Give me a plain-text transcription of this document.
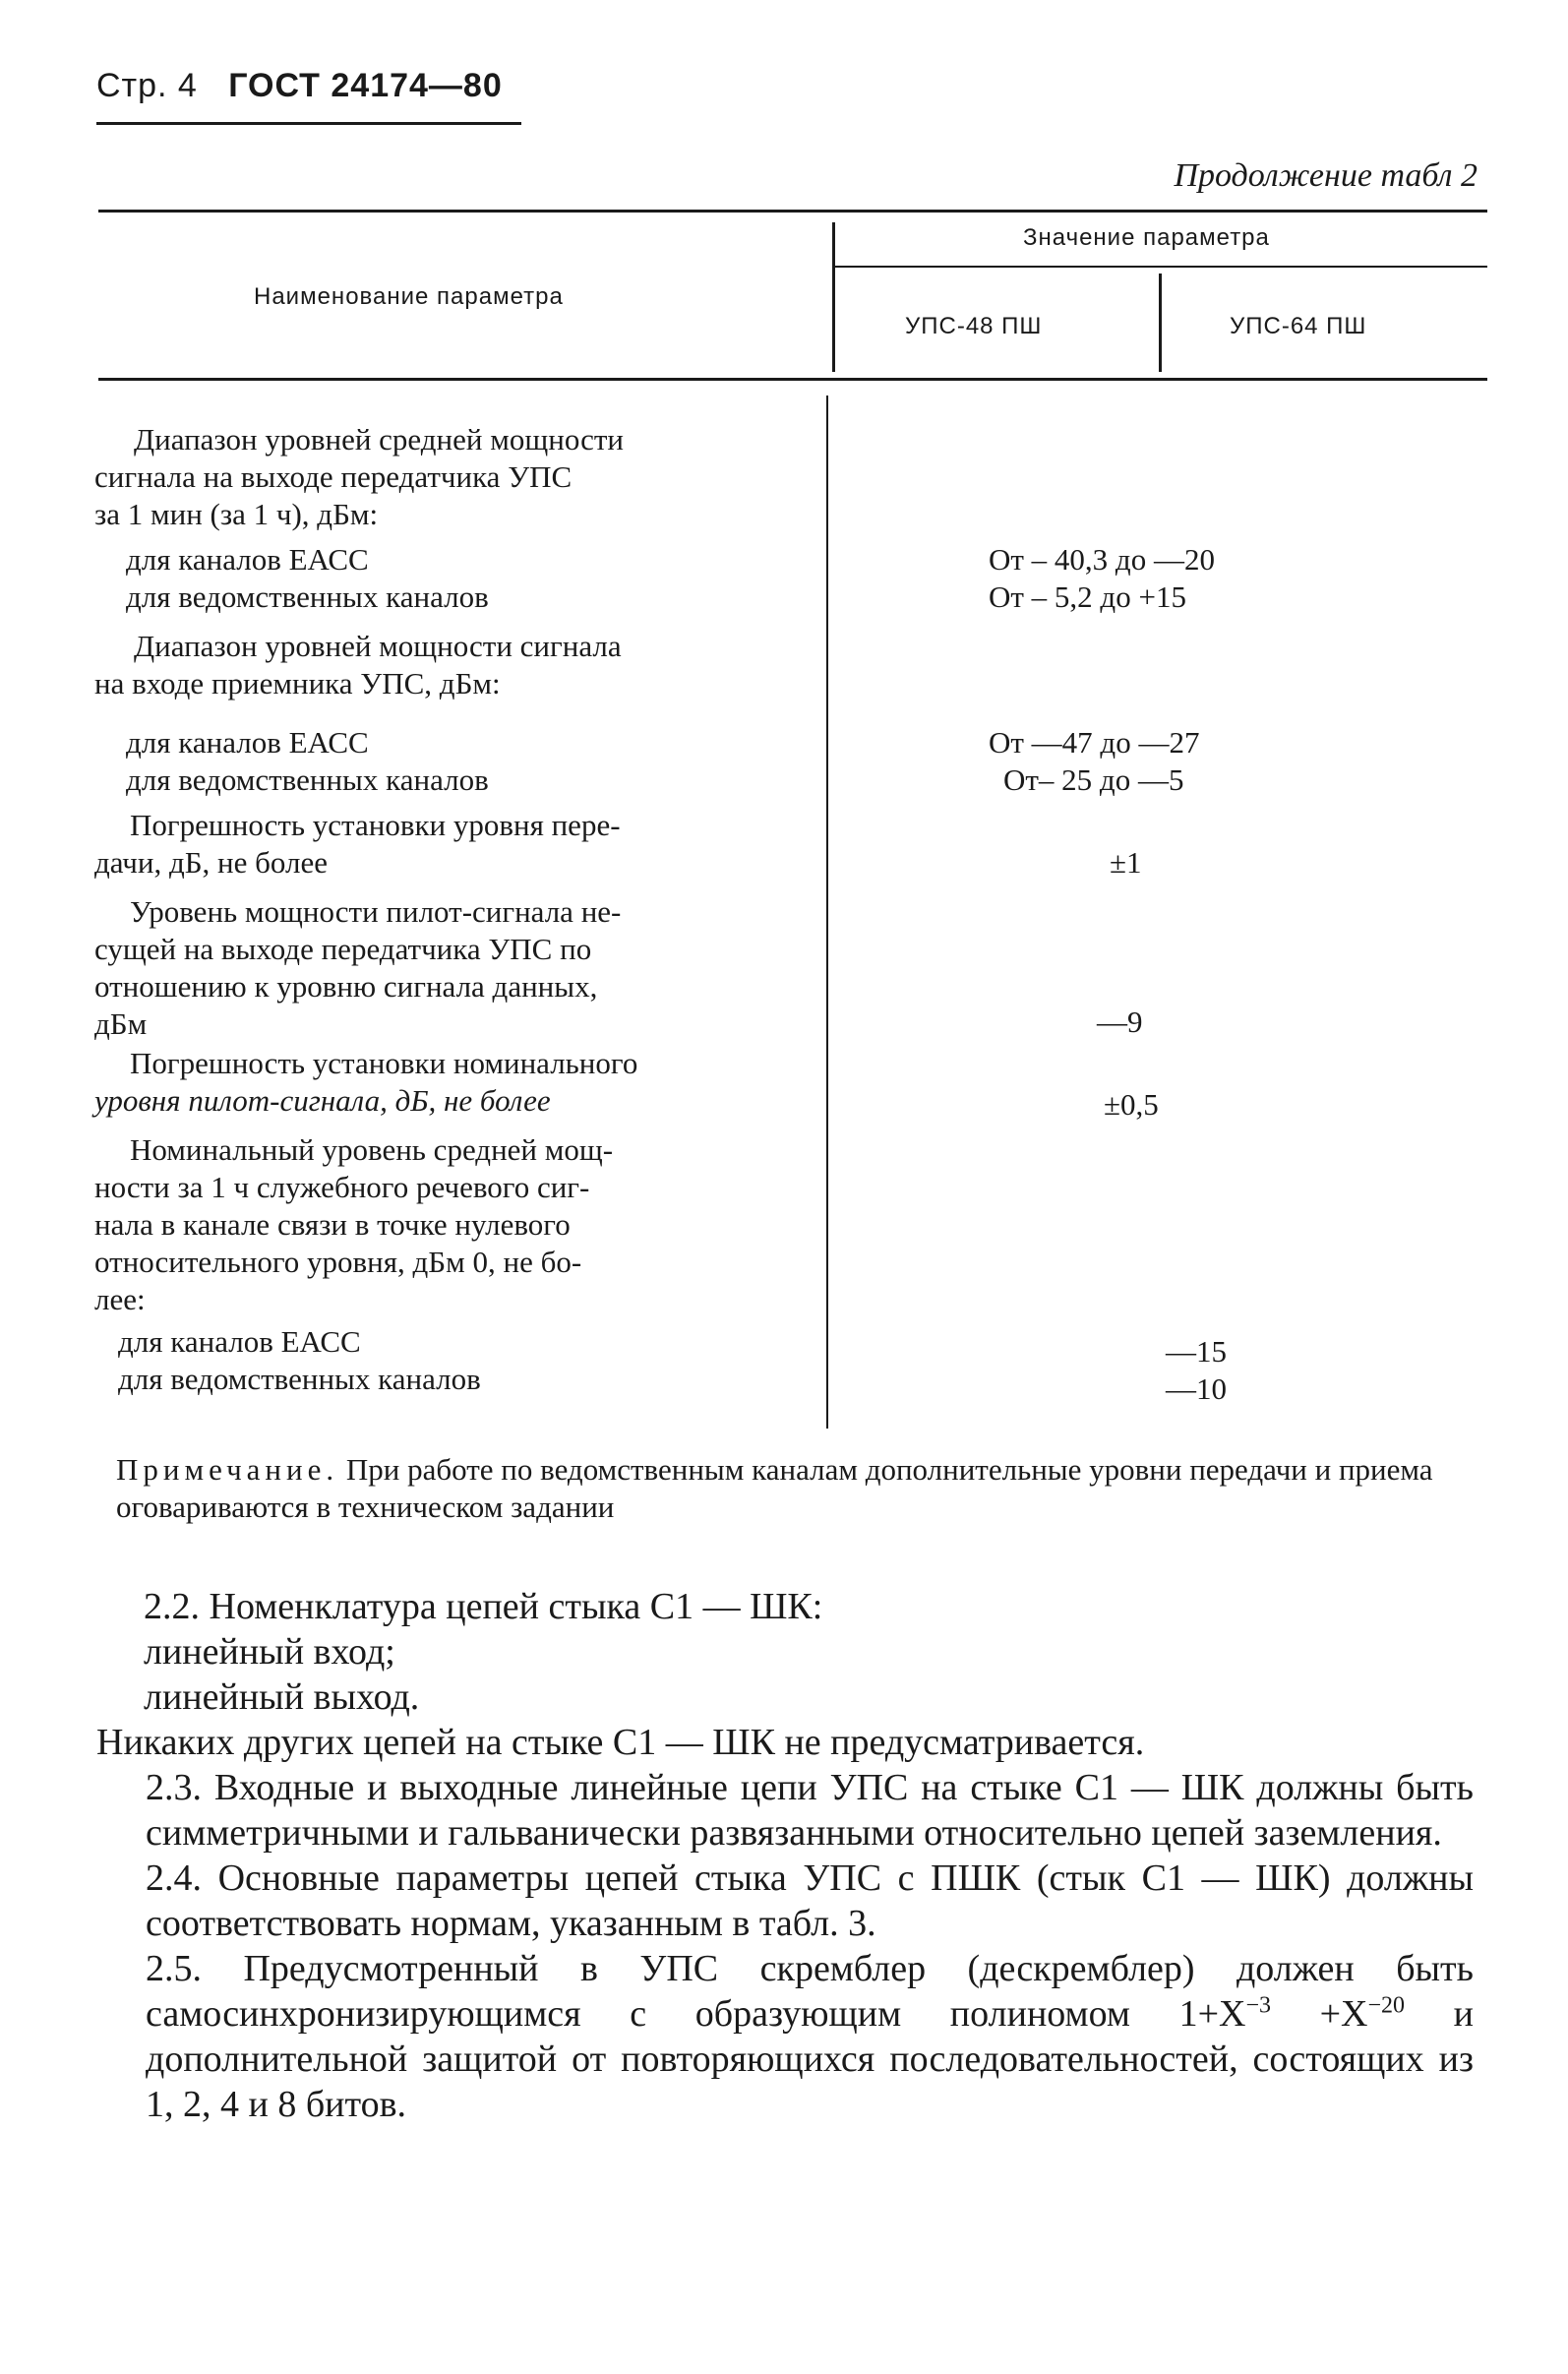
Стр. 4 ГОСТ 24174—80
Продолжение табл 2
Наименование параметра
Значение параметра
УПС-48 ПШ	УПС-64 ПШ
Диапазон уровней средней мощности
сигнала на выходе передатчика УПС
за 1 мин (за 1 ч), дБм:
для каналов ЕАСС	От – 40,3 до —20
для ведомственных каналов	От – 5,2 до +15
Диапазон уровней мощности сигнала
на входе приемника УПС, дБм:
для каналов ЕАСС	От —47 до —27
для ведомственных каналов	От– 25 до —5
Погрешность установки уровня пере-
дачи, дБ, не более	±1
Уровень мощности пилот-сигнала не-
сущей на выходе передатчика УПС по
отношению к уровню сигнала данных,
дБм	—9
Погрешность установки номинального
уровня пилот-сигнала, дБ, не более	±0,5
Номинальный уровень средней мощ-
ности за 1 ч служебного речевого сиг-
нала в канале связи в точке нулевого
относительного уровня, дБм 0, не бо-
лее:
для каналов ЕАСС	—15
для ведомственных каналов	—10
Примечание. При работе по ведомственным каналам дополнительные уровни передачи и приема оговариваются в техническом задании

2.2. Номенклатура цепей стыка С1 — ШК:

линейный вход;

линейный выход.

Никаких других цепей на стыке С1 — ШК не предусматривается.

2.3. Входные и выходные линейные цепи УПС на стыке С1 — ШК должны быть симметричными и гальванически развязанными относительно цепей заземления.

2.4. Основные параметры цепей стыка УПС с ПШК (стык С1 — ШК) должны соответствовать нормам, указанным в табл. 3.

2.5. Предусмотренный в УПС скремблер (дескремблер) должен быть самосинхронизирующимся с образующим полиномом $1+X^{-3} +X^{-20}$ и дополнительной защитой от повторяющихся последовательностей, состоящих из 1, 2, 4 и 8 битов.
